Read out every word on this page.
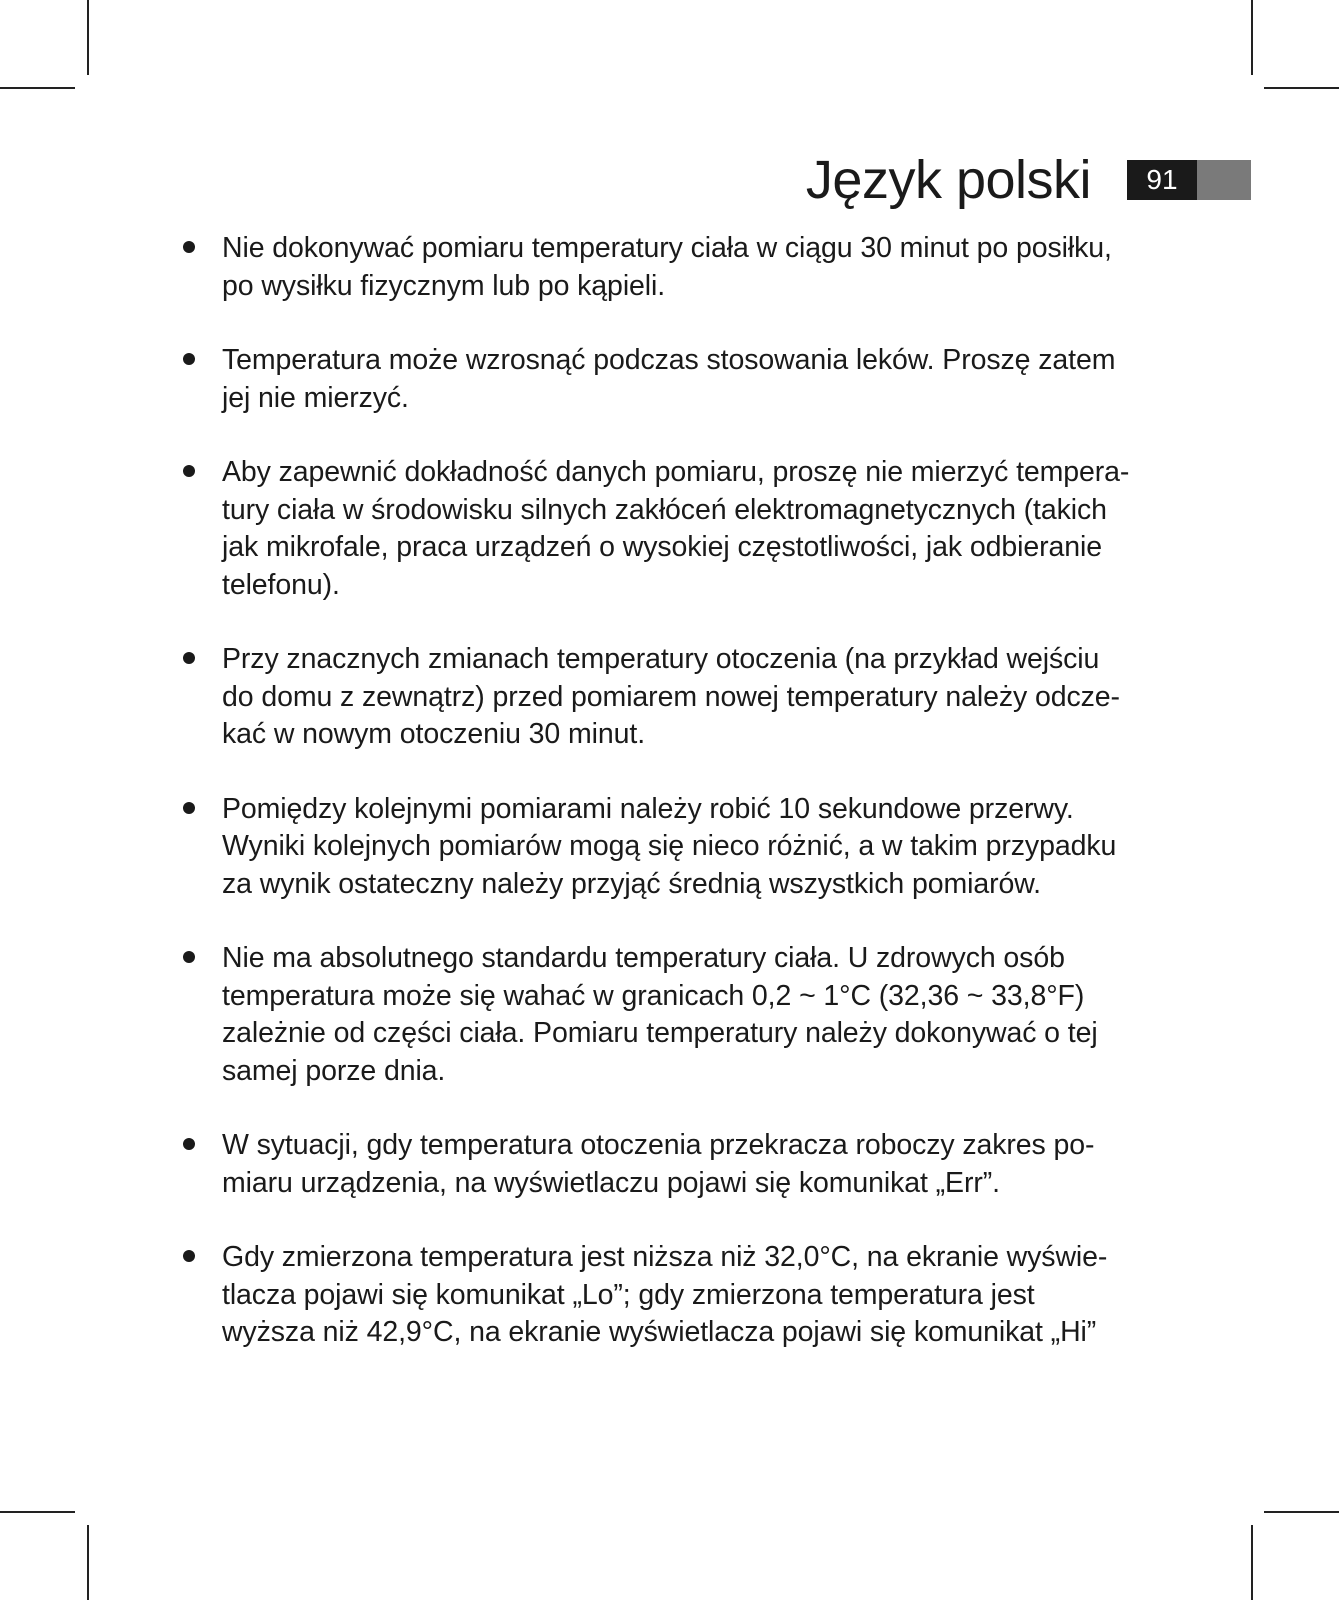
Język polski	91
Nie dokonywać pomiaru temperatury ciała w ciągu 30 minut po posiłku,
po wysiłku fizycznym lub po kąpieli.
Temperatura może wzrosnąć podczas stosowania leków. Proszę zatem
jej nie mierzyć.
Aby zapewnić dokładność danych pomiaru, proszę nie mierzyć tempera-
tury ciała w środowisku silnych zakłóceń elektromagnetycznych (takich
jak mikrofale, praca urządzeń o wysokiej częstotliwości, jak odbieranie
telefonu).
Przy znacznych zmianach temperatury otoczenia (na przykład wejściu
do domu z zewnątrz) przed pomiarem nowej temperatury należy odcze-
kać w nowym otoczeniu 30 minut.
Pomiędzy kolejnymi pomiarami należy robić 10 sekundowe przerwy.
Wyniki kolejnych pomiarów mogą się nieco różnić, a w takim przypadku
za wynik ostateczny należy przyjąć średnią wszystkich pomiarów.
Nie ma absolutnego standardu temperatury ciała. U zdrowych osób
temperatura może się wahać w granicach 0,2 ~ 1°C (32,36 ~ 33,8°F)
zależnie od części ciała. Pomiaru temperatury należy dokonywać o tej
samej porze dnia.
W sytuacji, gdy temperatura otoczenia przekracza roboczy zakres po-
miaru urządzenia, na wyświetlaczu pojawi się komunikat „Err”.
Gdy zmierzona temperatura jest niższa niż 32,0°C, na ekranie wyświe-
tlacza pojawi się komunikat „Lo”; gdy zmierzona temperatura jest
wyższa niż 42,9°C, na ekranie wyświetlacza pojawi się komunikat „Hi”
